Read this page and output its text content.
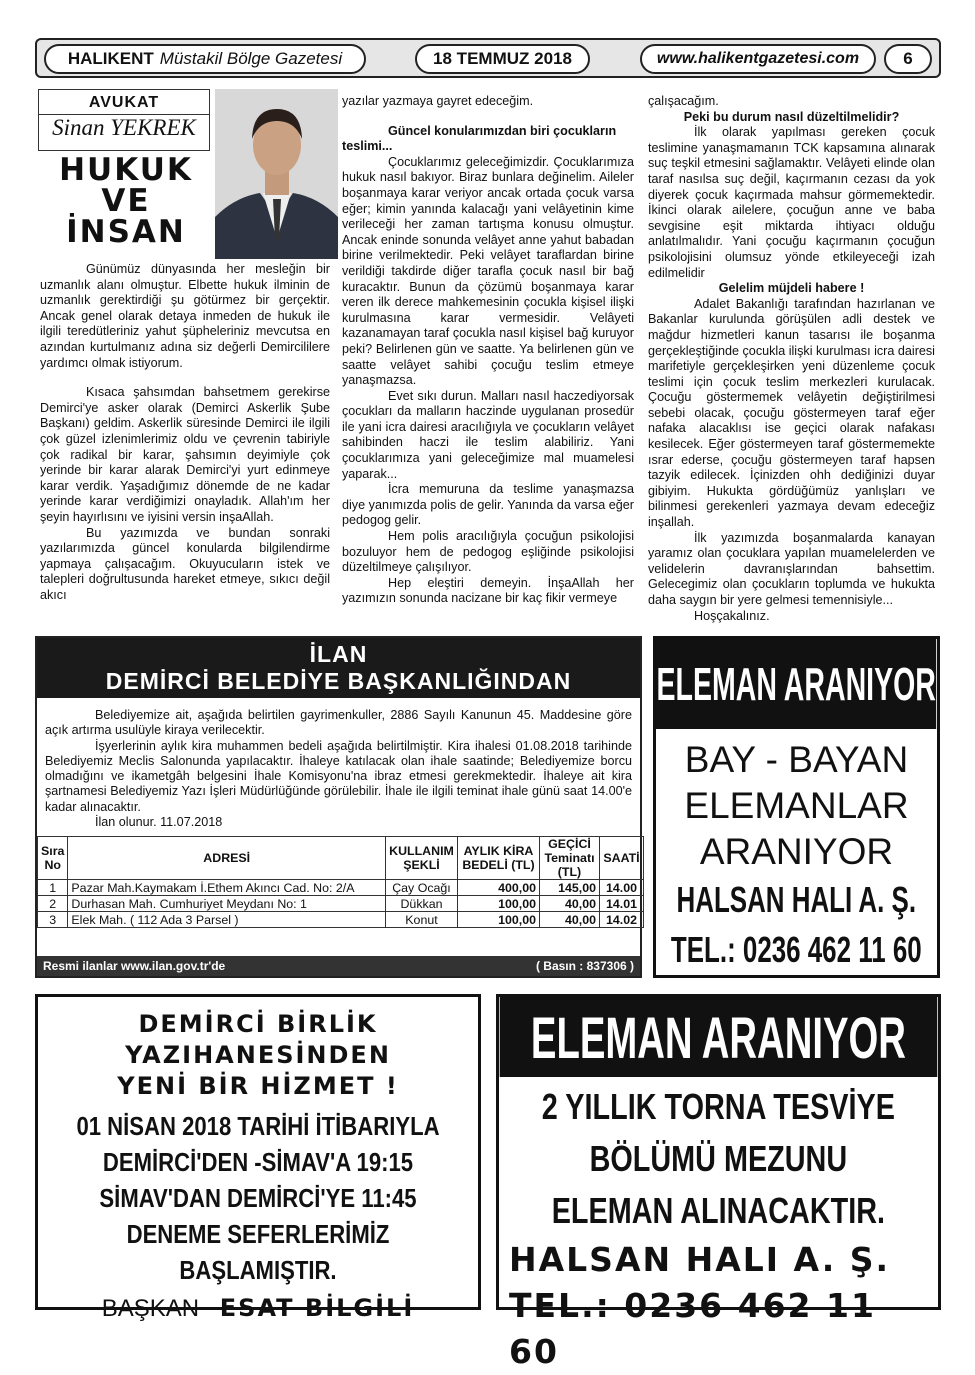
HALIKENT Müstakil Bölge Gazetesi	18 TEMMUZ 2018	www.halikentgazetesi.com	6
AVUKAT
Sinan YEKREK
HUKUK
VE
İNSAN

Günümüz dünyasında her mesleğin bir uzmanlık alanı olmuştur. Elbette hukuk ilminin de uzmanlık gerektirdiği şu götürmez bir gerçektir. Ancak genel olarak detaya inmeden de hukuk ile ilgili teredütleriniz yahut şüpheleriniz mevcutsa en azından kurtulmanız adına siz değerli Demircililere yardımcı olmak istiyorum.

Kısaca şahsımdan bahsetmem gerekirse Demirci'ye asker olarak (Demirci Askerlik Şube Başkanı) geldim. Askerlik süresinde Demirci ile ilgili çok güzel izlenimlerimiz oldu ve çevrenin tabiriyle çok radikal bir karar, şahsımın deyimiyle çok yerinde bir karar alarak Demirci'yi yurt edinmeye karar verdik. Yaşadığımız dönemde de ne kadar yerinde karar verdiğimizi onayladık. Allah'ım her şeyin hayırlısını ve iyisini versin inşaAllah.

Bu yazımızda ve bundan sonraki yazılarımızda güncel konularda bilgilendirme yapmaya çalışacağım. Okuyucuların istek ve talepleri doğrultusunda hareket etmeye, sıkıcı değil akıcı

yazılar yazmaya gayret edeceğim.

Güncel konularımızdan biri çocukların teslimi...

Çocuklarımız geleceğimizdir. Çocuklarımıza hukuk nasıl bakıyor. Biraz bunlara değinelim. Aileler boşanmaya karar veriyor ancak ortada çocuk varsa eğer; kimin yanında kalacağı yani velâyetinin kime verileceği her zaman tartışma konusu olmuştur. Ancak eninde sonunda velâyet anne yahut babadan birine verilmektedir. Peki velâyet taraflardan birine verildiği takdirde diğer tarafla çocuk nasıl bir bağ kuracaktır. Bunun da çözümü boşanmaya karar veren ilk derece mahkemesinin çocukla kişisel ilişki kurulmasına karar vermesidir. Velâyeti kazanamayan taraf çocukla nasıl kişisel bağ kuruyor peki? Belirlenen gün ve saatte. Ya belirlenen gün ve saatte velâyet sahibi çocuğu teslim etmeye yanaşmazsa.

Evet sıkı durun. Malları nasıl haczediyorsak çocukları da malların haczinde uygulanan prosedür ile yani icra dairesi aracılığıyla ve çocukların velâyet sahibinden haczi ile teslim alabiliriz. Yani çocuklarımıza yani geleceğimize mal muamelesi yaparak...

İcra memuruna da teslime yanaşmazsa diye yanımızda polis de gelir. Yanında da varsa eğer pedogog gelir.

Hem polis aracılığıyla çocuğun psikolojisi bozuluyor hem de pedogog eşliğinde psikolojisi düzeltilmeye çalışılıyor.

Hep eleştiri demeyin. İnşaAllah her yazımızın sonunda nacizane bir kaç fikir vermeye

çalışacağım.

Peki bu durum nasıl düzeltilmelidir?

İlk olarak yapılması gereken çocuk teslimine yanaşmamanın TCK kapsamına alınarak suç teşkil etmesini sağlamaktır. Velâyeti elinde olan taraf nasılsa suç değil, kaçırmanın cezası da yok diyerek çocuk kaçırmada mahsur görmemektedir. İkinci olarak ailelere, çocuğun anne ve baba sevgisine eşit miktarda ihtiyacı olduğu anlatılmalıdır. Yani çocuğu kaçırmanın çocuğun psikolojisini olumsuz yönde etkileyeceği izah edilmelidir

Gelelim müjdeli habere !

Adalet Bakanlığı tarafından hazırlanan ve Bakanlar kurulunda görüşülen adli destek ve mağdur hizmetleri kanun tasarısı ile boşanma gerçekleştiğinde çocukla ilişki kurulması icra dairesi marifetiyle gerçekleşirken yeni düzenleme çocuk teslimi için çocuk teslim merkezleri kurulacak. Çocuğu göstermemek velâyetin değiştirilmesi sebebi olacak, çocuğu göstermeyen taraf eğer nafaka alacaklısı ise geçici olarak nafakası kesilecek. Eğer göstermeyen taraf göstermemekte ısrar ederse, çocuğu göstermeyen taraf hapsen tazyik edilecek. İçinizden ohh dediğinizi duyar gibiyim. Hukukta gördüğümüz yanlışları ve bilinmesi gerekenleri yazmaya devam edeceğiz inşallah.

İlk yazımızda boşanmalarda kanayan yaramız olan çocuklara yapılan muamelelerden ve velidelerin davranışlarından bahsettim. Gelecegimiz olan çocukların toplumda ve hukukta daha saygın bir yere gelmesi temennisiyle...

Hoşçakalınız.

İLAN
DEMİRCİ BELEDİYE BAŞKANLIĞINDAN

Belediyemize ait, aşağıda belirtilen gayrimenkuller, 2886 Sayılı Kanunun 45. Maddesine göre açık artırma usulüyle kiraya verilecektir.

İşyerlerinin aylık kira muhammen bedeli aşağıda belirtilmiştir. Kira ihalesi 01.08.2018 tarihinde Belediyemiz Meclis Salonunda yapılacaktır. İhaleye katılacak olan ihale saatinde; Belediyemize borcu olmadığını ve ikametgâh belgesini İhale Komisyonu'na ibraz etmesi gerekmektedir. İhaleye ait kira şartnamesi Belediyemiz Yazı İşleri Müdürlüğünde görülebilir. İhale ile ilgili teminat ihale günü saat 14.00'e kadar alınacaktır.

İlan olunur. 11.07.2018

Sıra No	ADRESİ	KULLANIM ŞEKLİ	AYLIK KİRA BEDELİ (TL)	GEÇİCİ Teminatı (TL)	SAATİ
1	Pazar Mah.Kaymakam İ.Ethem Akıncı Cad. No: 2/A	Çay Ocağı	400,00	145,00	14.00
2	Durhasan Mah. Cumhuriyet Meydanı No: 1	Dükkan	100,00	40,00	14.01
3	Elek Mah. ( 112 Ada 3 Parsel )	Konut	100,00	40,00	14.02
Resmi ilanlar www.ilan.gov.tr'de	( Basın : 837306 )
ELEMAN ARANIYOR
BAY - BAYAN
ELEMANLAR
ARANIYOR
HALSAN HALI A. Ş.
TEL.: 0236 462 11 60
DEMİRCİ BİRLİK
YAZIHANESİNDEN
YENİ BİR HİZMET !
01 NİSAN 2018 TARİHİ İTİBARIYLA
DEMİRCİ'DEN -SİMAV'A 19:15
SİMAV'DAN DEMİRCİ'YE 11:45
DENEME SEFERLERİMİZ
BAŞLAMIŞTIR.
BAŞKAN ESAT BİLGİLİ
ELEMAN ARANIYOR
2 YILLIK TORNA TESVİYE
BÖLÜMÜ MEZUNU
ELEMAN ALINACAKTIR.
HALSAN HALI A. Ş.
TEL.: 0236 462 11 60
